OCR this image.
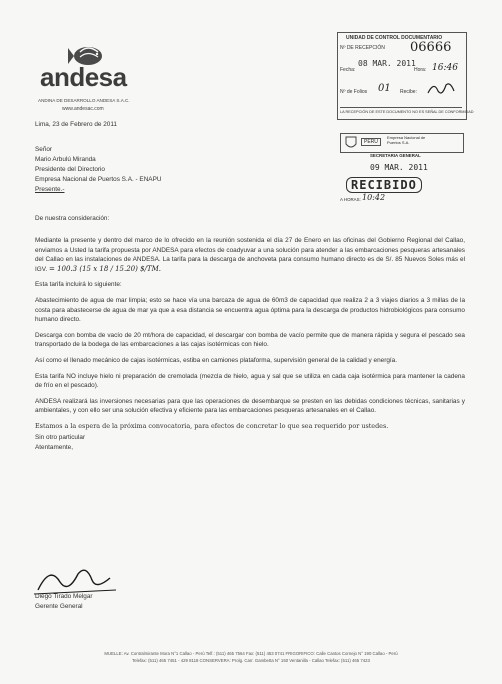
andesa
ANDINA DE DESARROLLO ANDESA S.A.C.
www.andesac.com
UNIDAD DE CONTROL DOCUMENTARIO
Nº DE RECEPCIÓN 06666
08 MAR. 2011
Fecha:	Hora: 16:46
Nº de Folios 01 Recibe:
LA RECEPCIÓN DE ESTE DOCUMENTO NO ES SEÑAL DE CONFORMIDAD
PERÚ
Empresa Nacional de Puertos S.A.
SECRETARIA GENERAL
09 MAR. 2011
RECIBIDO
A HORAS: 10:42
Lima, 23 de Febrero de 2011
Señor
Mario Arbulú Miranda
Presidente del Directorio
Empresa Nacional de Puertos S.A. - ENAPU
Presente.-
De nuestra consideración:

Mediante la presente y dentro del marco de lo ofrecido en la reunión sostenida el día 27 de Enero en las oficinas del Gobierno Regional del Callao, enviamos a Usted la tarifa propuesta por ANDESA para efectos de coadyuvar a una solución para atender a las embarcaciones pesqueras artesanales del Callao en las instalaciones de ANDESA. La tarifa para la descarga de anchoveta para consumo humano directo es de S/. 85 Nuevos Soles más el IGV. = 100.3 (15 x 18 / 15.20) $/TM.

Esta tarifa incluirá lo siguiente:

Abastecimiento de agua de mar limpia; esto se hace vía una barcaza de agua de 60m3 de capacidad que realiza 2 a 3 viajes diarios a 3 millas de la costa para abastecerse de agua de mar ya que a esa distancia se encuentra agua óptima para la descarga de productos hidrobiológicos para consumo humano directo.

Descarga con bomba de vacío de 20 mt/hora de capacidad, el descargar con bomba de vacío permite que de manera rápida y segura el pescado sea transportado de la bodega de las embarcaciones a las cajas isotérmicas con hielo.

Así como el llenado mecánico de cajas isotérmicas, estiba en camiones plataforma, supervisión general de la calidad y energía.

Esta tarifa NO incluye hielo ni preparación de cremolada (mezcla de hielo, agua y sal que se utiliza en cada caja isotérmica para mantener la cadena de frío en el pescado).

ANDESA realizará las inversiones necesarias para que las operaciones de desembarque se presten en las debidas condiciones técnicas, sanitarias y ambientales, y con ello ser una solución efectiva y eficiente para las embarcaciones pesqueras artesanales en el Callao.

Estamos a la espera de la próxima convocatoria, para efectos de concretar lo que sea requerido por ustedes.

Sin otro particular

Atentamente,

Diego Tirado Melgar
Gerente General
MUELLE: Av. Contralmirante Mora N°1 Callao - Perú Telf.: (511) 465 7564 Fax: (511) 453 0741 FRIGORIFICO: Calle Cantos Cornejo N° 190 Callao - Perú
Telefax: (511) 465 7451 - 429 8118 CONSERVERA: Prolg. Carr. Gambetta N° 150 Ventanilla - Callao Telefax: (511) 465 7423
